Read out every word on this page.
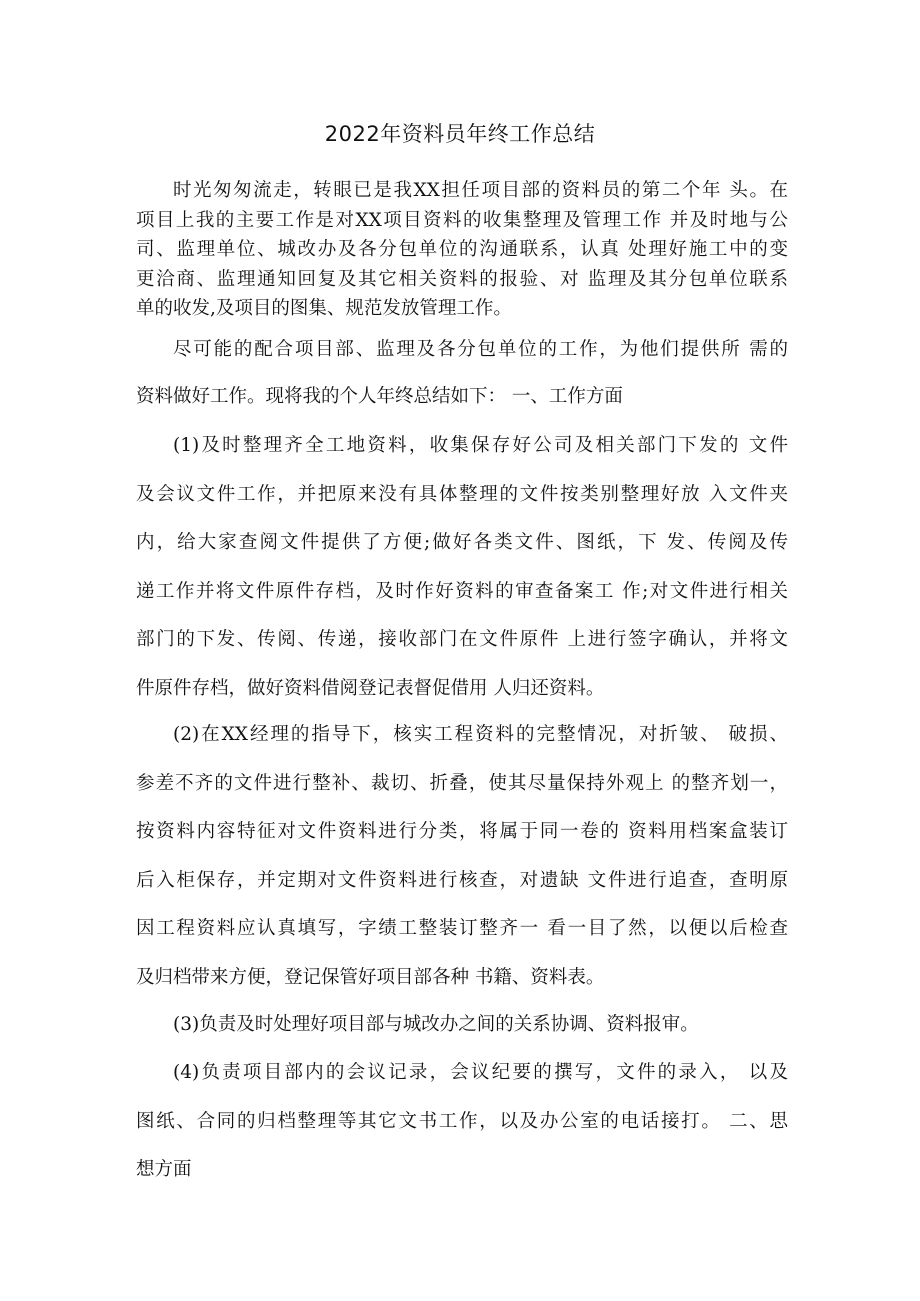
2022年资料员年终工作总结
时光匆匆流走，转眼已是我XX担任项目部的资料员的第二个年 头。在
项目上我的主要工作是对XX项目资料的收集整理及管理工作 并及时地与公
司、监理单位、城改办及各分包单位的沟通联系，认真 处理好施工中的变
更洽商、监理通知回复及其它相关资料的报验、对 监理及其分包单位联系
单的收发,及项目的图集、规范发放管理工作。
尽可能的配合项目部、监理及各分包单位的工作，为他们提供所 需的
资料做好工作。现将我的个人年终总结如下： 一、工作方面
(1)及时整理齐全工地资料，收集保存好公司及相关部门下发的 文件
及会议文件工作，并把原来没有具体整理的文件按类别整理好放 入文件夹
内，给大家查阅文件提供了方便;做好各类文件、图纸，下 发、传阅及传
递工作并将文件原件存档，及时作好资料的审查备案工 作;对文件进行相关
部门的下发、传阅、传递，接收部门在文件原件 上进行签字确认，并将文
件原件存档，做好资料借阅登记表督促借用 人归还资料。
(2)在XX经理的指导下，核实工程资料的完整情况，对折皱、 破损、
参差不齐的文件进行整补、裁切、折叠，使其尽量保持外观上 的整齐划一，
按资料内容特征对文件资料进行分类，将属于同一卷的 资料用档案盒装订
后入柜保存，并定期对文件资料进行核查，对遗缺 文件进行追查，查明原
因工程资料应认真填写，字绩工整装订整齐一 看一目了然，以便以后检查
及归档带来方便，登记保管好项目部各种 书籍、资料表。
(3)负责及时处理好项目部与城改办之间的关系协调、资料报审。
(4)负责项目部内的会议记录，会议纪要的撰写，文件的录入， 以及
图纸、合同的归档整理等其它文书工作，以及办公室的电话接打。 二、思
想方面
